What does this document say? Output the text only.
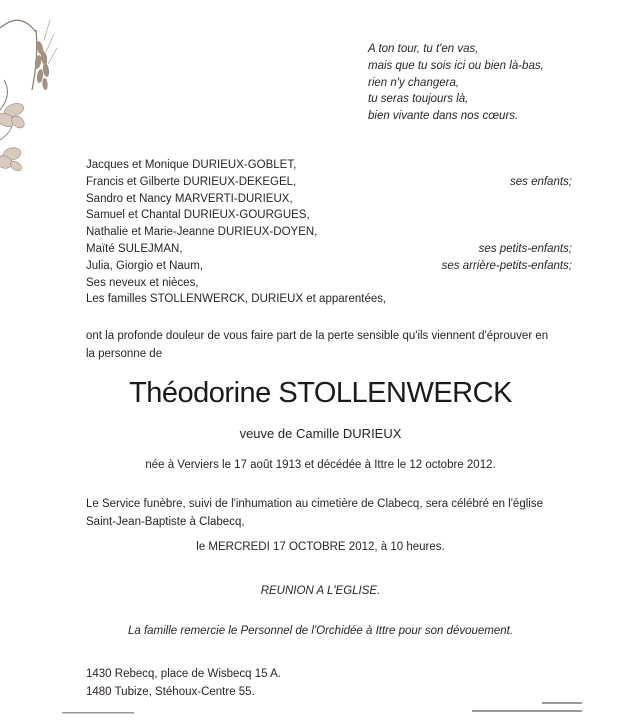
A ton tour, tu t'en vas,
mais que tu sois ici ou bien là-bas,
rien n'y changera,
tu seras toujours là,
bien vivante dans nos cœurs.
Jacques et Monique DURIEUX-GOBLET,
Francis et Gilberte DURIEUX-DEKEGEL,	ses enfants;
Sandro et Nancy MARVERTI-DURIEUX,
Samuel et Chantal DURIEUX-GOURGUES,
Nathalie et Marie-Jeanne DURIEUX-DOYEN,
Maïté SULEJMAN,	ses petits-enfants;
Julia, Giorgio et Naum,	ses arrière-petits-enfants;
Ses neveux et nièces,
Les familles STOLLENWERCK, DURIEUX et apparentées,
ont la profonde douleur de vous faire part de la perte sensible qu'ils viennent d'éprouver en la personne de
Théodorine STOLLENWERCK
veuve de Camille DURIEUX
née à Verviers le 17 août 1913 et décédée à Ittre le 12 octobre 2012.
Le Service funèbre, suivi de l'inhumation au cimetière de Clabecq, sera célébré en l'église Saint-Jean-Baptiste à Clabecq,
le MERCREDI 17 OCTOBRE 2012, à 10 heures.
REUNION A L'EGLISE.
La famille remercie le Personnel de l'Orchidée à Ittre pour son dévouement.
1430 Rebecq, place de Wisbecq 15 A.
1480 Tubize, Stéhoux-Centre 55.
